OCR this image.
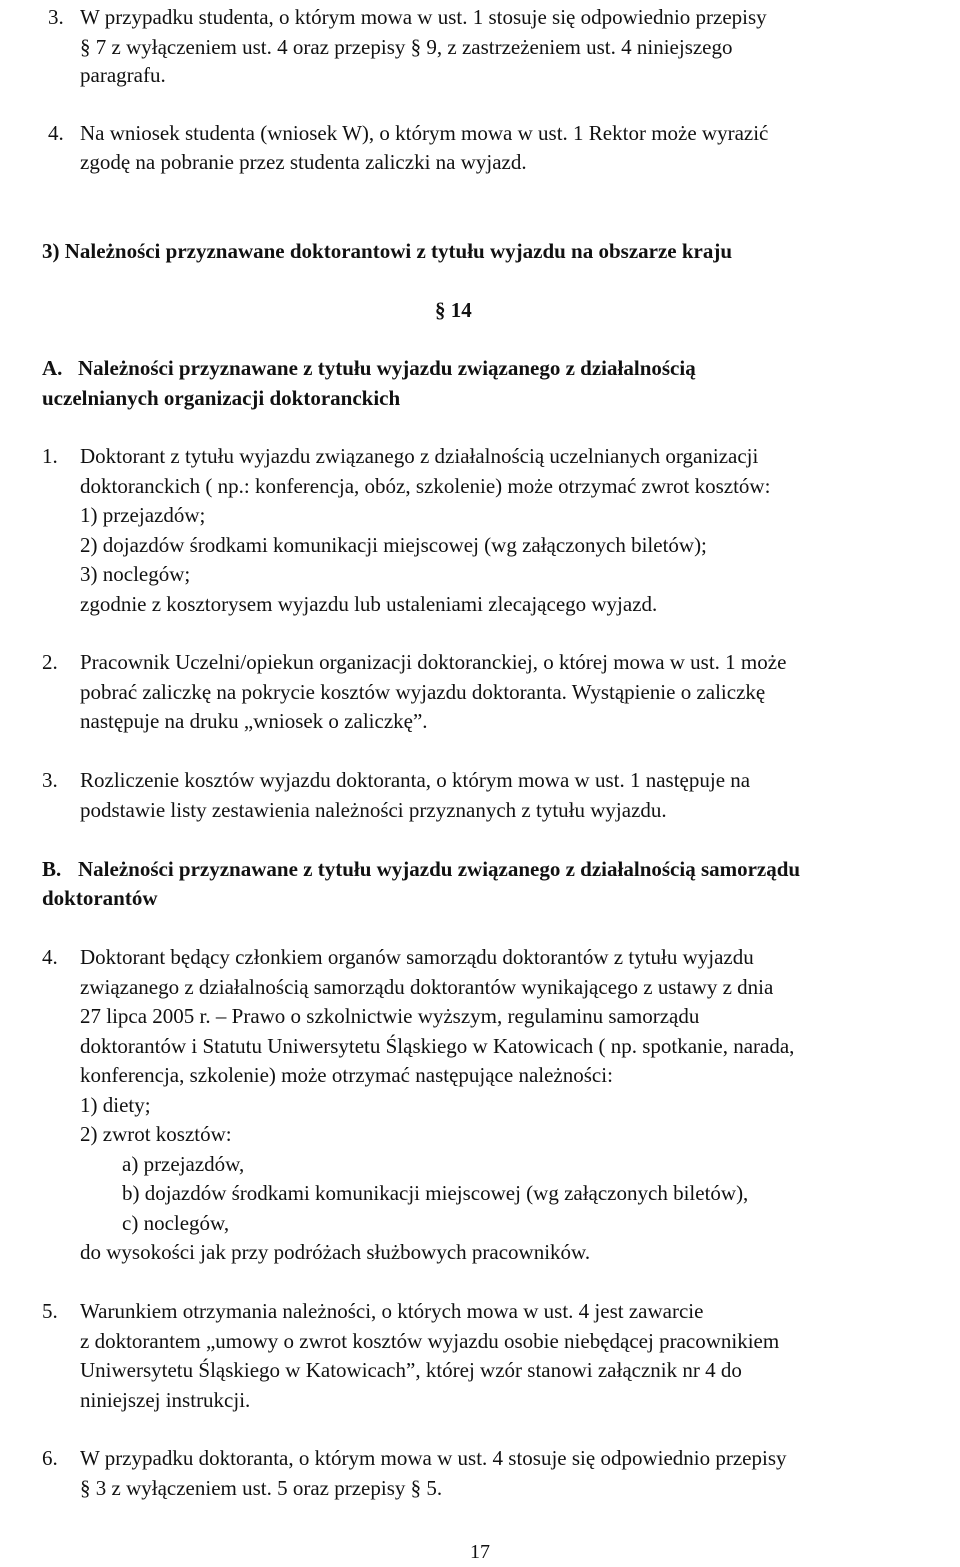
3. W przypadku studenta, o którym mowa w ust. 1 stosuje się odpowiednio przepisy
§ 7 z wyłączeniem ust. 4 oraz przepisy § 9, z zastrzeżeniem ust. 4 niniejszego
paragrafu.
4. Na wniosek studenta (wniosek W), o którym mowa w ust. 1 Rektor może wyrazić
zgodę na pobranie przez studenta zaliczki na wyjazd.
3) Należności przyznawane doktorantowi z tytułu wyjazdu na obszarze kraju
§ 14
A. Należności przyznawane z tytułu wyjazdu związanego z działalnością
uczelnianych organizacji doktoranckich
1. Doktorant z tytułu wyjazdu związanego z działalnością uczelnianych organizacji
doktoranckich ( np.: konferencja, obóz, szkolenie) może otrzymać zwrot kosztów:
1) przejazdów;
2) dojazdów środkami komunikacji miejscowej (wg załączonych biletów);
3) noclegów;
zgodnie z kosztorysem wyjazdu lub ustaleniami zlecającego wyjazd.
2. Pracownik Uczelni/opiekun organizacji doktoranckiej, o której mowa w ust. 1 może
pobrać zaliczkę na pokrycie kosztów wyjazdu doktoranta. Wystąpienie o zaliczkę
następuje na druku „wniosek o zaliczkę”.
3. Rozliczenie kosztów wyjazdu doktoranta, o którym mowa w ust. 1 następuje na
podstawie listy zestawienia należności przyznanych z tytułu wyjazdu.
B. Należności przyznawane z tytułu wyjazdu związanego z działalnością samorządu
doktorantów
4. Doktorant będący członkiem organów samorządu doktorantów z tytułu wyjazdu
związanego z działalnością samorządu doktorantów wynikającego z ustawy z dnia
27 lipca 2005 r. – Prawo o szkolnictwie wyższym, regulaminu samorządu
doktorantów i Statutu Uniwersytetu Śląskiego w Katowicach ( np. spotkanie, narada,
konferencja, szkolenie) może otrzymać następujące należności:
1) diety;
2) zwrot kosztów:
a) przejazdów,
b) dojazdów środkami komunikacji miejscowej (wg załączonych biletów),
c) noclegów,
do wysokości jak przy podróżach służbowych pracowników.
5. Warunkiem otrzymania należności, o których mowa w ust. 4 jest zawarcie
z doktorantem „umowy o zwrot kosztów wyjazdu osobie niebędącej pracownikiem
Uniwersytetu Śląskiego w Katowicach”, której wzór stanowi załącznik nr 4 do
niniejszej instrukcji.
6. W przypadku doktoranta, o którym mowa w ust. 4 stosuje się odpowiednio przepisy
§ 3 z wyłączeniem ust. 5 oraz przepisy § 5.
17
